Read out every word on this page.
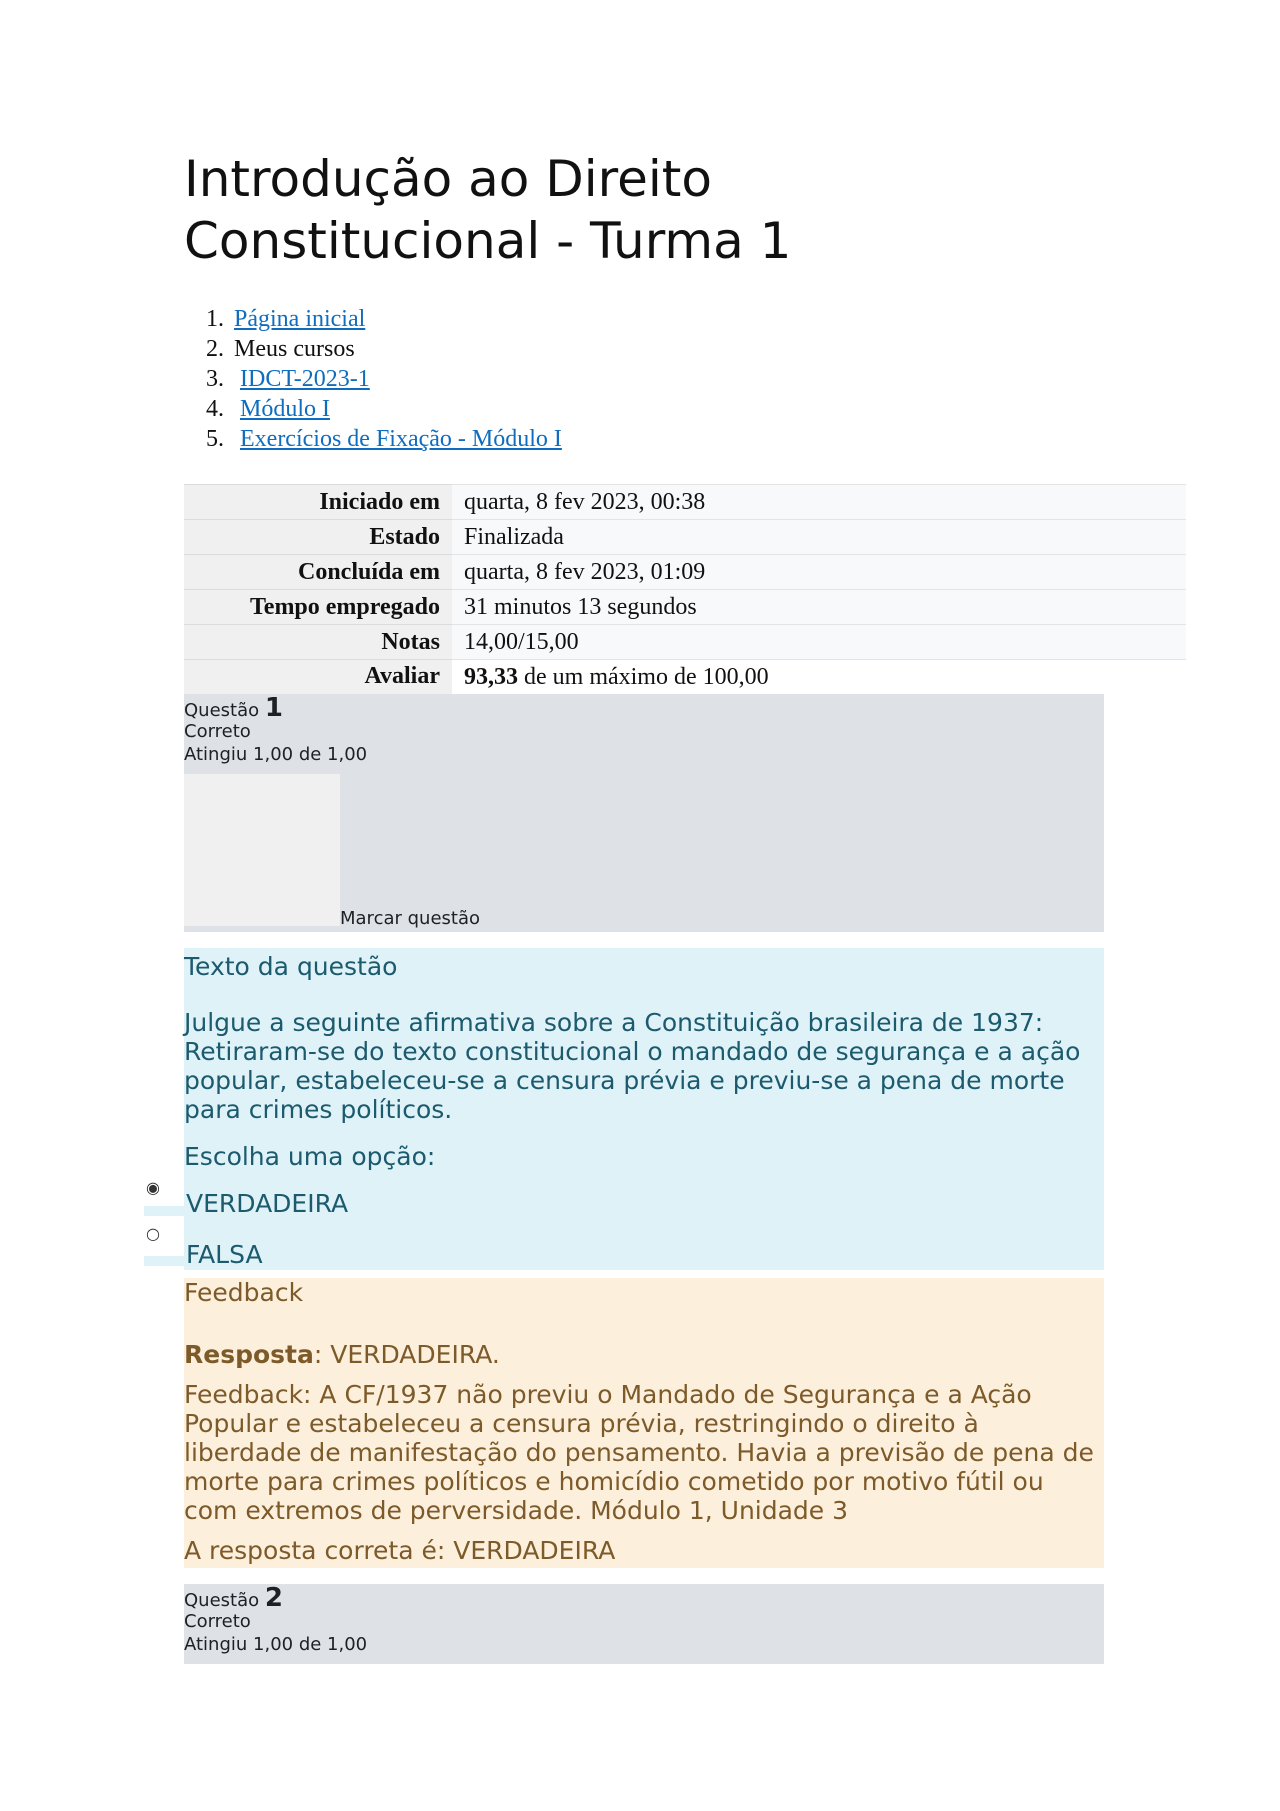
Introdução ao Direito Constitucional - Turma 1
1. Página inicial
2. Meus cursos
3. IDCT-2023-1
4. Módulo I
5. Exercícios de Fixação - Módulo I
Iniciado em	quarta, 8 fev 2023, 00:38
Estado	Finalizada
Concluída em	quarta, 8 fev 2023, 01:09
Tempo empregado	31 minutos 13 segundos
Notas	14,00/15,00
Avaliar	93,33 de um máximo de 100,00
Questão 1
Correto
Atingiu 1,00 de 1,00
Marcar questão
Texto da questão
Julgue a seguinte afirmativa sobre a Constituição brasileira de 1937: Retiraram-se do texto constitucional o mandado de segurança e a ação popular, estabeleceu-se a censura prévia e previu-se a pena de morte para crimes políticos.
Escolha uma opção:
◉
VERDADEIRA
○
FALSA
Feedback
Resposta: VERDADEIRA.
Feedback: A CF/1937 não previu o Mandado de Segurança e a Ação Popular e estabeleceu a censura prévia, restringindo o direito à liberdade de manifestação do pensamento. Havia a previsão de pena de morte para crimes políticos e homicídio cometido por motivo fútil ou com extremos de perversidade. Módulo 1, Unidade 3
A resposta correta é: VERDADEIRA
Questão 2
Correto
Atingiu 1,00 de 1,00
